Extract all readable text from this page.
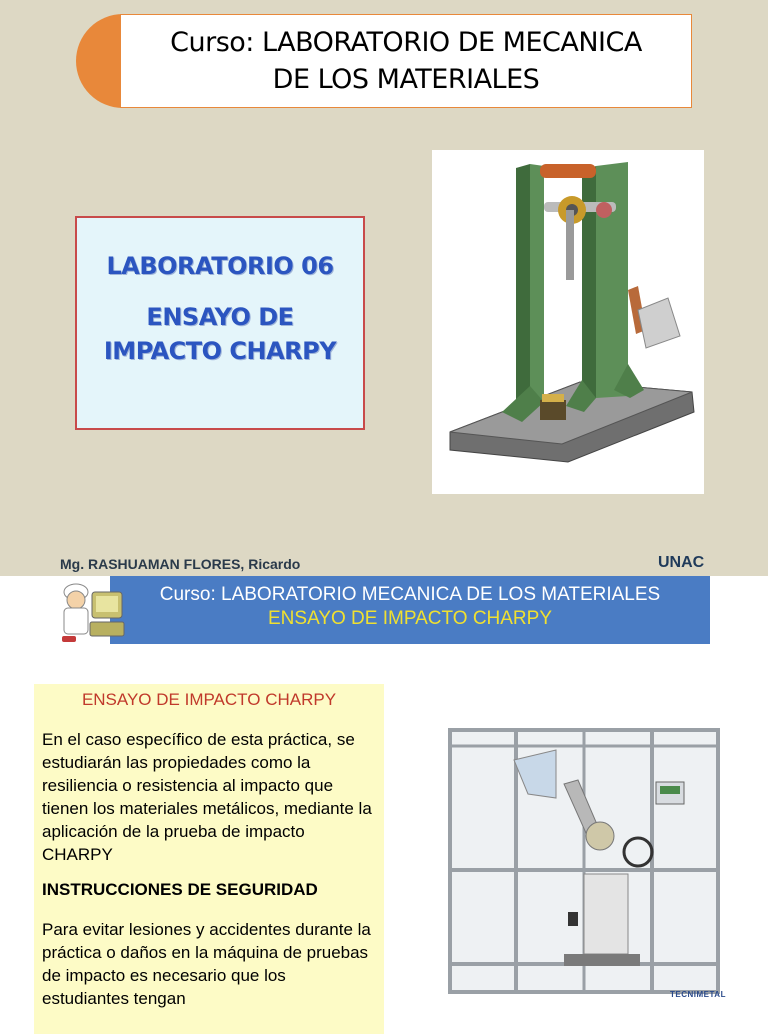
Curso: LABORATORIO DE MECANICA
DE LOS MATERIALES
LABORATORIO 06
ENSAYO DE
IMPACTO CHARPY
Mg. RASHUAMAN FLORES, Ricardo	UNAC
Curso: LABORATORIO MECANICA DE LOS MATERIALES
ENSAYO DE IMPACTO CHARPY
ENSAYO DE IMPACTO CHARPY
En el caso específico de esta práctica, se estudiarán las propiedades como la resiliencia o resistencia al impacto que tienen los materiales metálicos, mediante la aplicación de la prueba de impacto CHARPY
INSTRUCCIONES DE SEGURIDAD
Para evitar lesiones y accidentes durante la práctica o daños en la máquina de pruebas de impacto es necesario que los estudiantes tengan	TECNIMETAL
